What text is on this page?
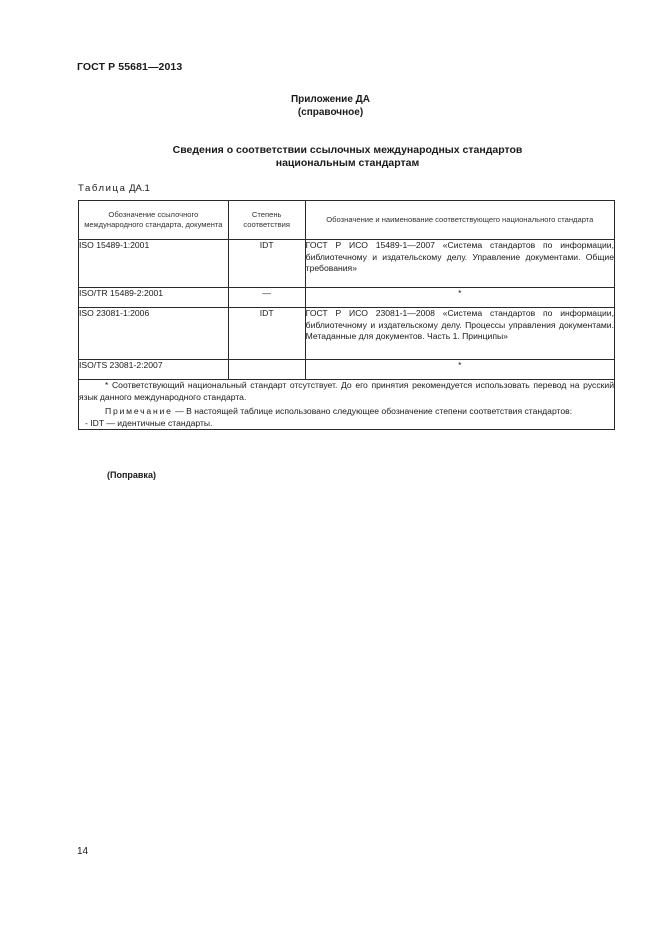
ГОСТ Р 55681—2013
Приложение ДА
(справочное)
Сведения о соответствии ссылочных международных стандартов
национальным стандартам
Таблица ДА.1
Обозначение ссылочного международного стандарта, документа	Степень соответствия	Обозначение и наименование соответствующего национального стандарта
ISO 15489-1:2001	IDT	ГОСТ Р ИСО 15489-1—2007 «Система стандартов по информации, библиотечному и издательскому делу. Управление документами. Общие требования»
ISO/TR 15489-2:2001	—	*
ISO 23081-1:2006	IDT	ГОСТ Р ИСО 23081-1—2008 «Система стандартов по информации, библиотечному и издательскому делу. Процессы управления документами. Метаданные для документов. Часть 1. Принципы»
ISO/TS 23081-2:2007		*

* Соответствующий национальный стандарт отсутствует. До его принятия рекомендуется использовать перевод на русский язык данного международного стандарта.

Примечание — В настоящей таблице использовано следующее обозначение степени соответствия стандартов:

- IDT — идентичные стандарты.		

(Поправка)
14
